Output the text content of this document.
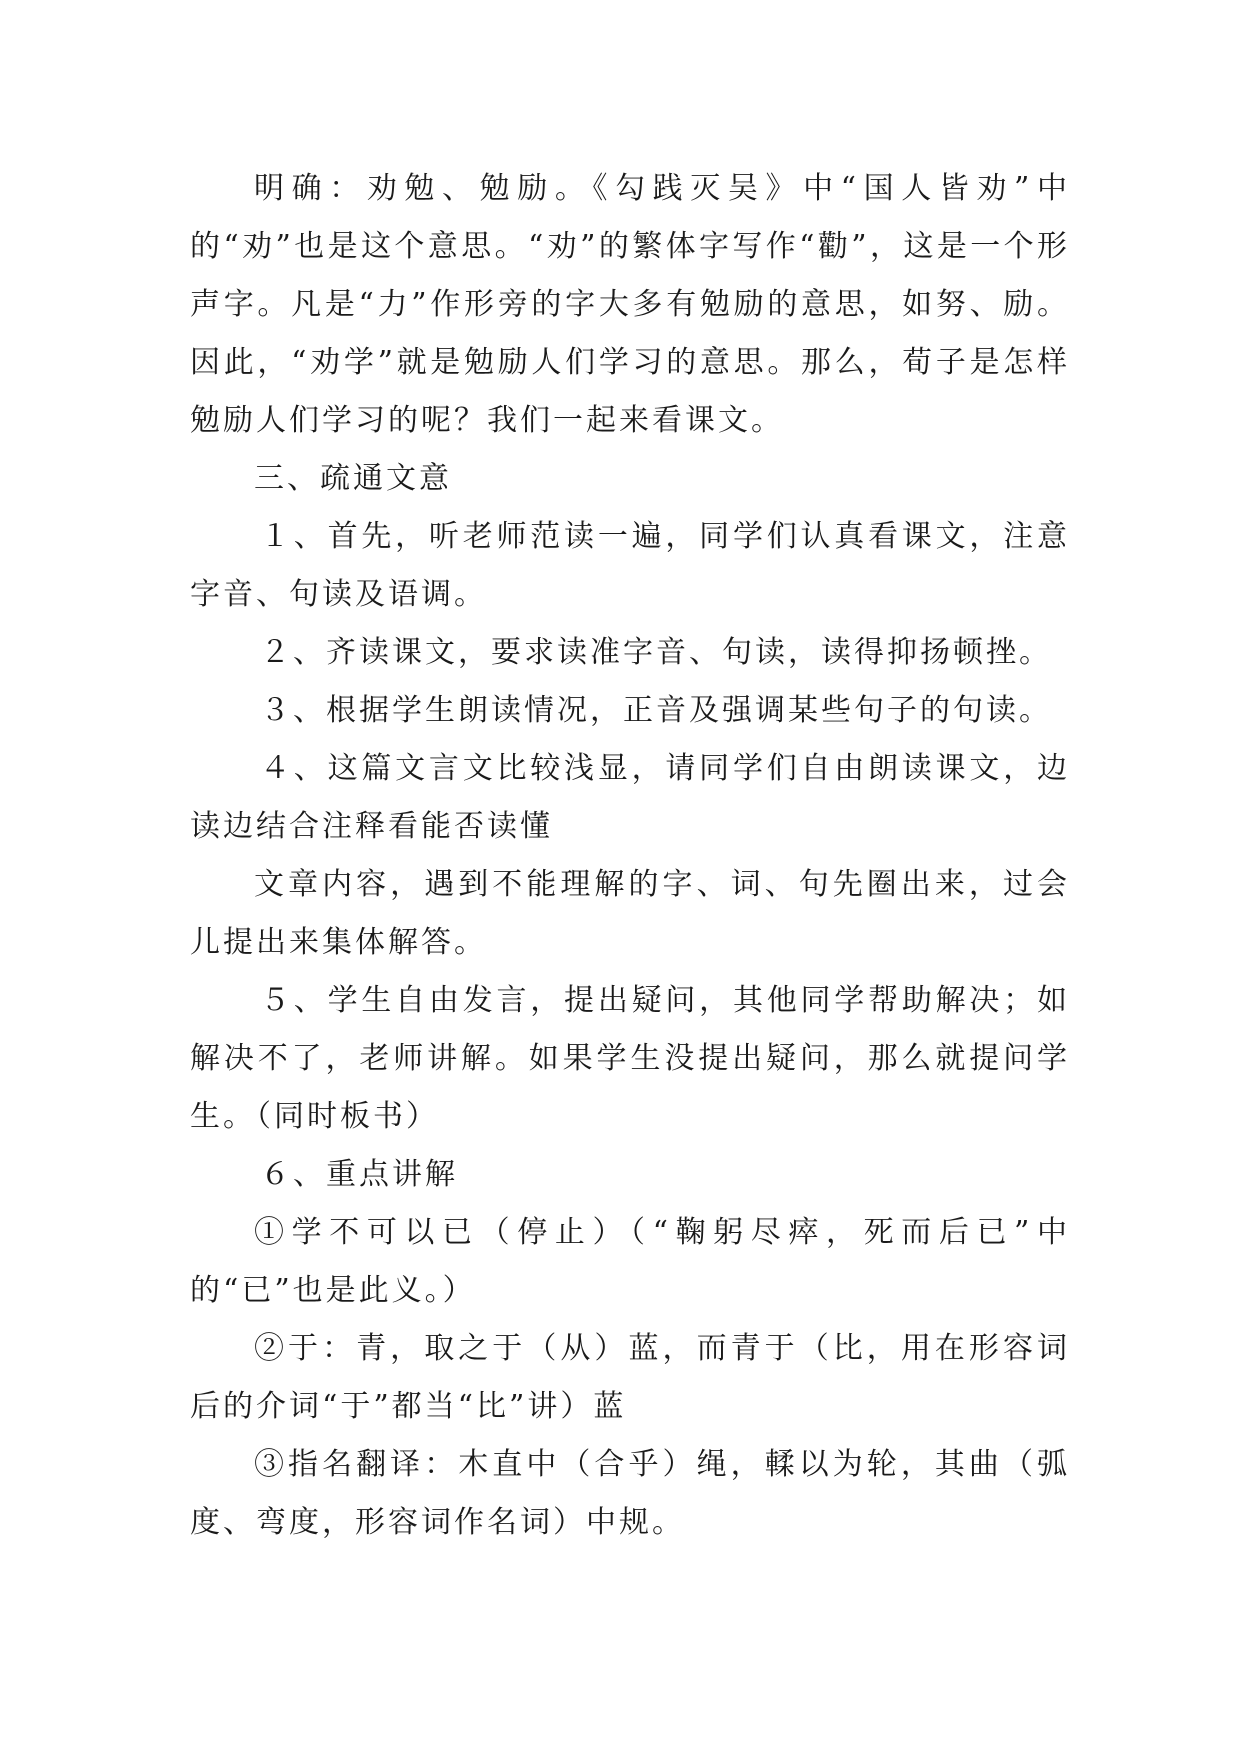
明确：劝勉、勉励。《勾践灭吴》中“国人皆劝”中的“劝”也是这个意思。“劝”的繁体字写作“勸”，这是一个形声字。凡是“力”作形旁的字大多有勉励的意思，如努、励。因此，“劝学”就是勉励人们学习的意思。那么，荀子是怎样勉励人们学习的呢？我们一起来看课文。

三、疏通文意

１、首先，听老师范读一遍，同学们认真看课文，注意字音、句读及语调。

２、齐读课文，要求读准字音、句读，读得抑扬顿挫。

３、根据学生朗读情况，正音及强调某些句子的句读。

４、这篇文言文比较浅显，请同学们自由朗读课文，边读边结合注释看能否读懂

文章内容，遇到不能理解的字、词、句先圈出来，过会儿提出来集体解答。

５、学生自由发言，提出疑问，其他同学帮助解决；如解决不了，老师讲解。如果学生没提出疑问，那么就提问学生。（同时板书）

６、重点讲解

①学不可以已（停止）（“鞠躬尽瘁，死而后已”中的“已”也是此义。）

②于：青，取之于（从）蓝，而青于（比，用在形容词后的介词“于”都当“比”讲）蓝

③指名翻译：木直中（合乎）绳，輮以为轮，其曲（弧度、弯度，形容词作名词）中规。
